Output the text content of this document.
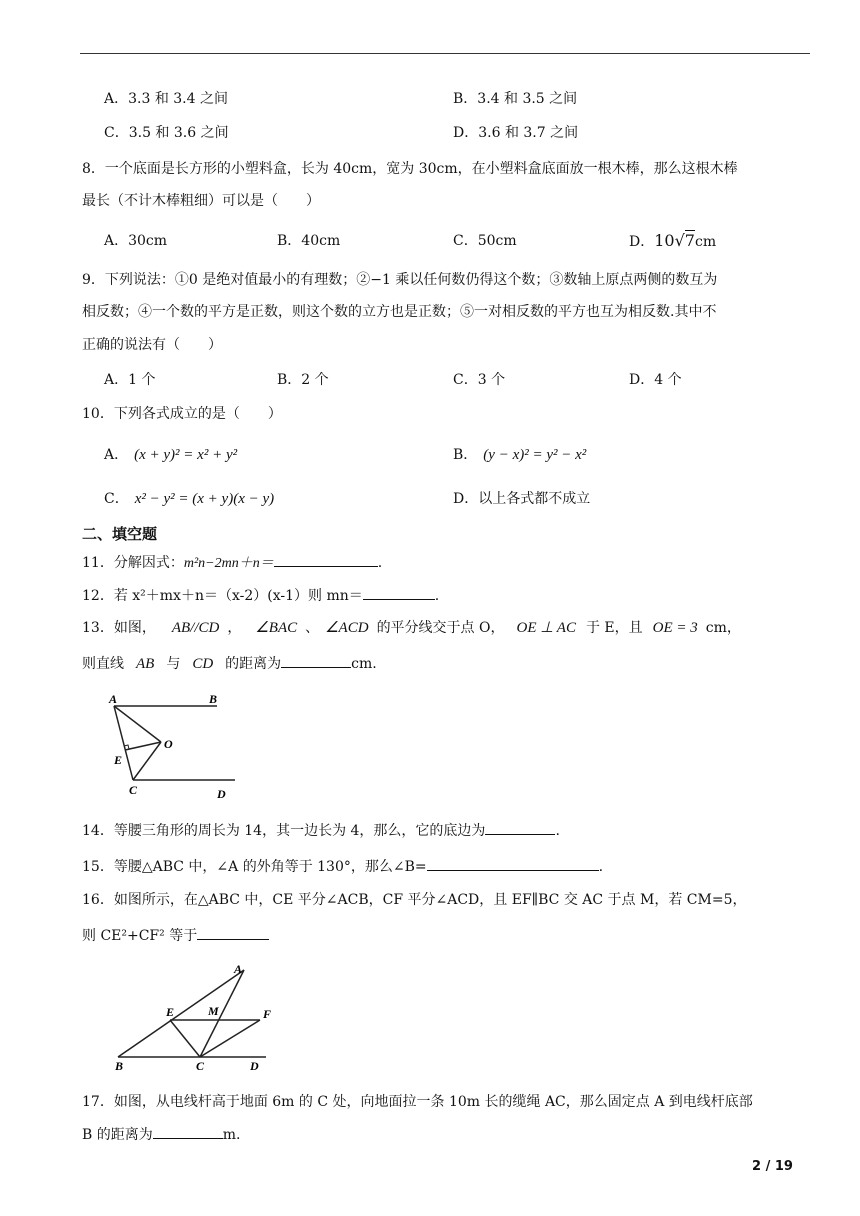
A．3.3 和 3.4 之间	B．3.4 和 3.5 之间
C．3.5 和 3.6 之间	D．3.6 和 3.7 之间
8．一个底面是长方形的小塑料盒，长为 40cm，宽为 30cm，在小塑料盒底面放一根木棒，那么这根木棒
最长（不计木棒粗细）可以是（　　）
A．30cm	B．40cm	C．50cm	D．10√7cm
9．下列说法：①0 是绝对值最小的有理数；②−1 乘以任何数仍得这个数；③数轴上原点两侧的数互为
相反数；④一个数的平方是正数，则这个数的立方也是正数；⑤一对相反数的平方也互为相反数.其中不
正确的说法有（　　）
A．1 个	B．2 个	C．3 个	D．4 个
10．下列各式成立的是（　　）
A． (x + y)² = x² + y²	B． (y − x)² = y² − x²
C． x² − y² = (x + y)(x − y)	D．以上各式都不成立
二、填空题
11．分解因式：m²n−2mn＋n＝	.
12．若 x²＋mx＋n＝（x-2）(x-1）则 mn＝	.
13．如图， AB//CD ， ∠BAC 、 ∠ACD 的平分线交于点 O， OE ⊥ AC 于 E，且 OE = 3 cm，
则直线 AB 与 CD 的距离为	cm.
A	B
O
E
C	D
14．等腰三角形的周长为 14，其一边长为 4，那么，它的底边为	.
15．等腰△ABC 中，∠A 的外角等于 130°，那么∠B=	.
16．如图所示，在△ABC 中，CE 平分∠ACB，CF 平分∠ACD，且 EF∥BC 交 AC 于点 M，若 CM=5，
则 CE²+CF² 等于
A
E	M	F
B	C	D
17．如图，从电线杆高于地面 6m 的 C 处，向地面拉一条 10m 长的缆绳 AC，那么固定点 A 到电线杆底部
B 的距离为	m.
2 / 19
